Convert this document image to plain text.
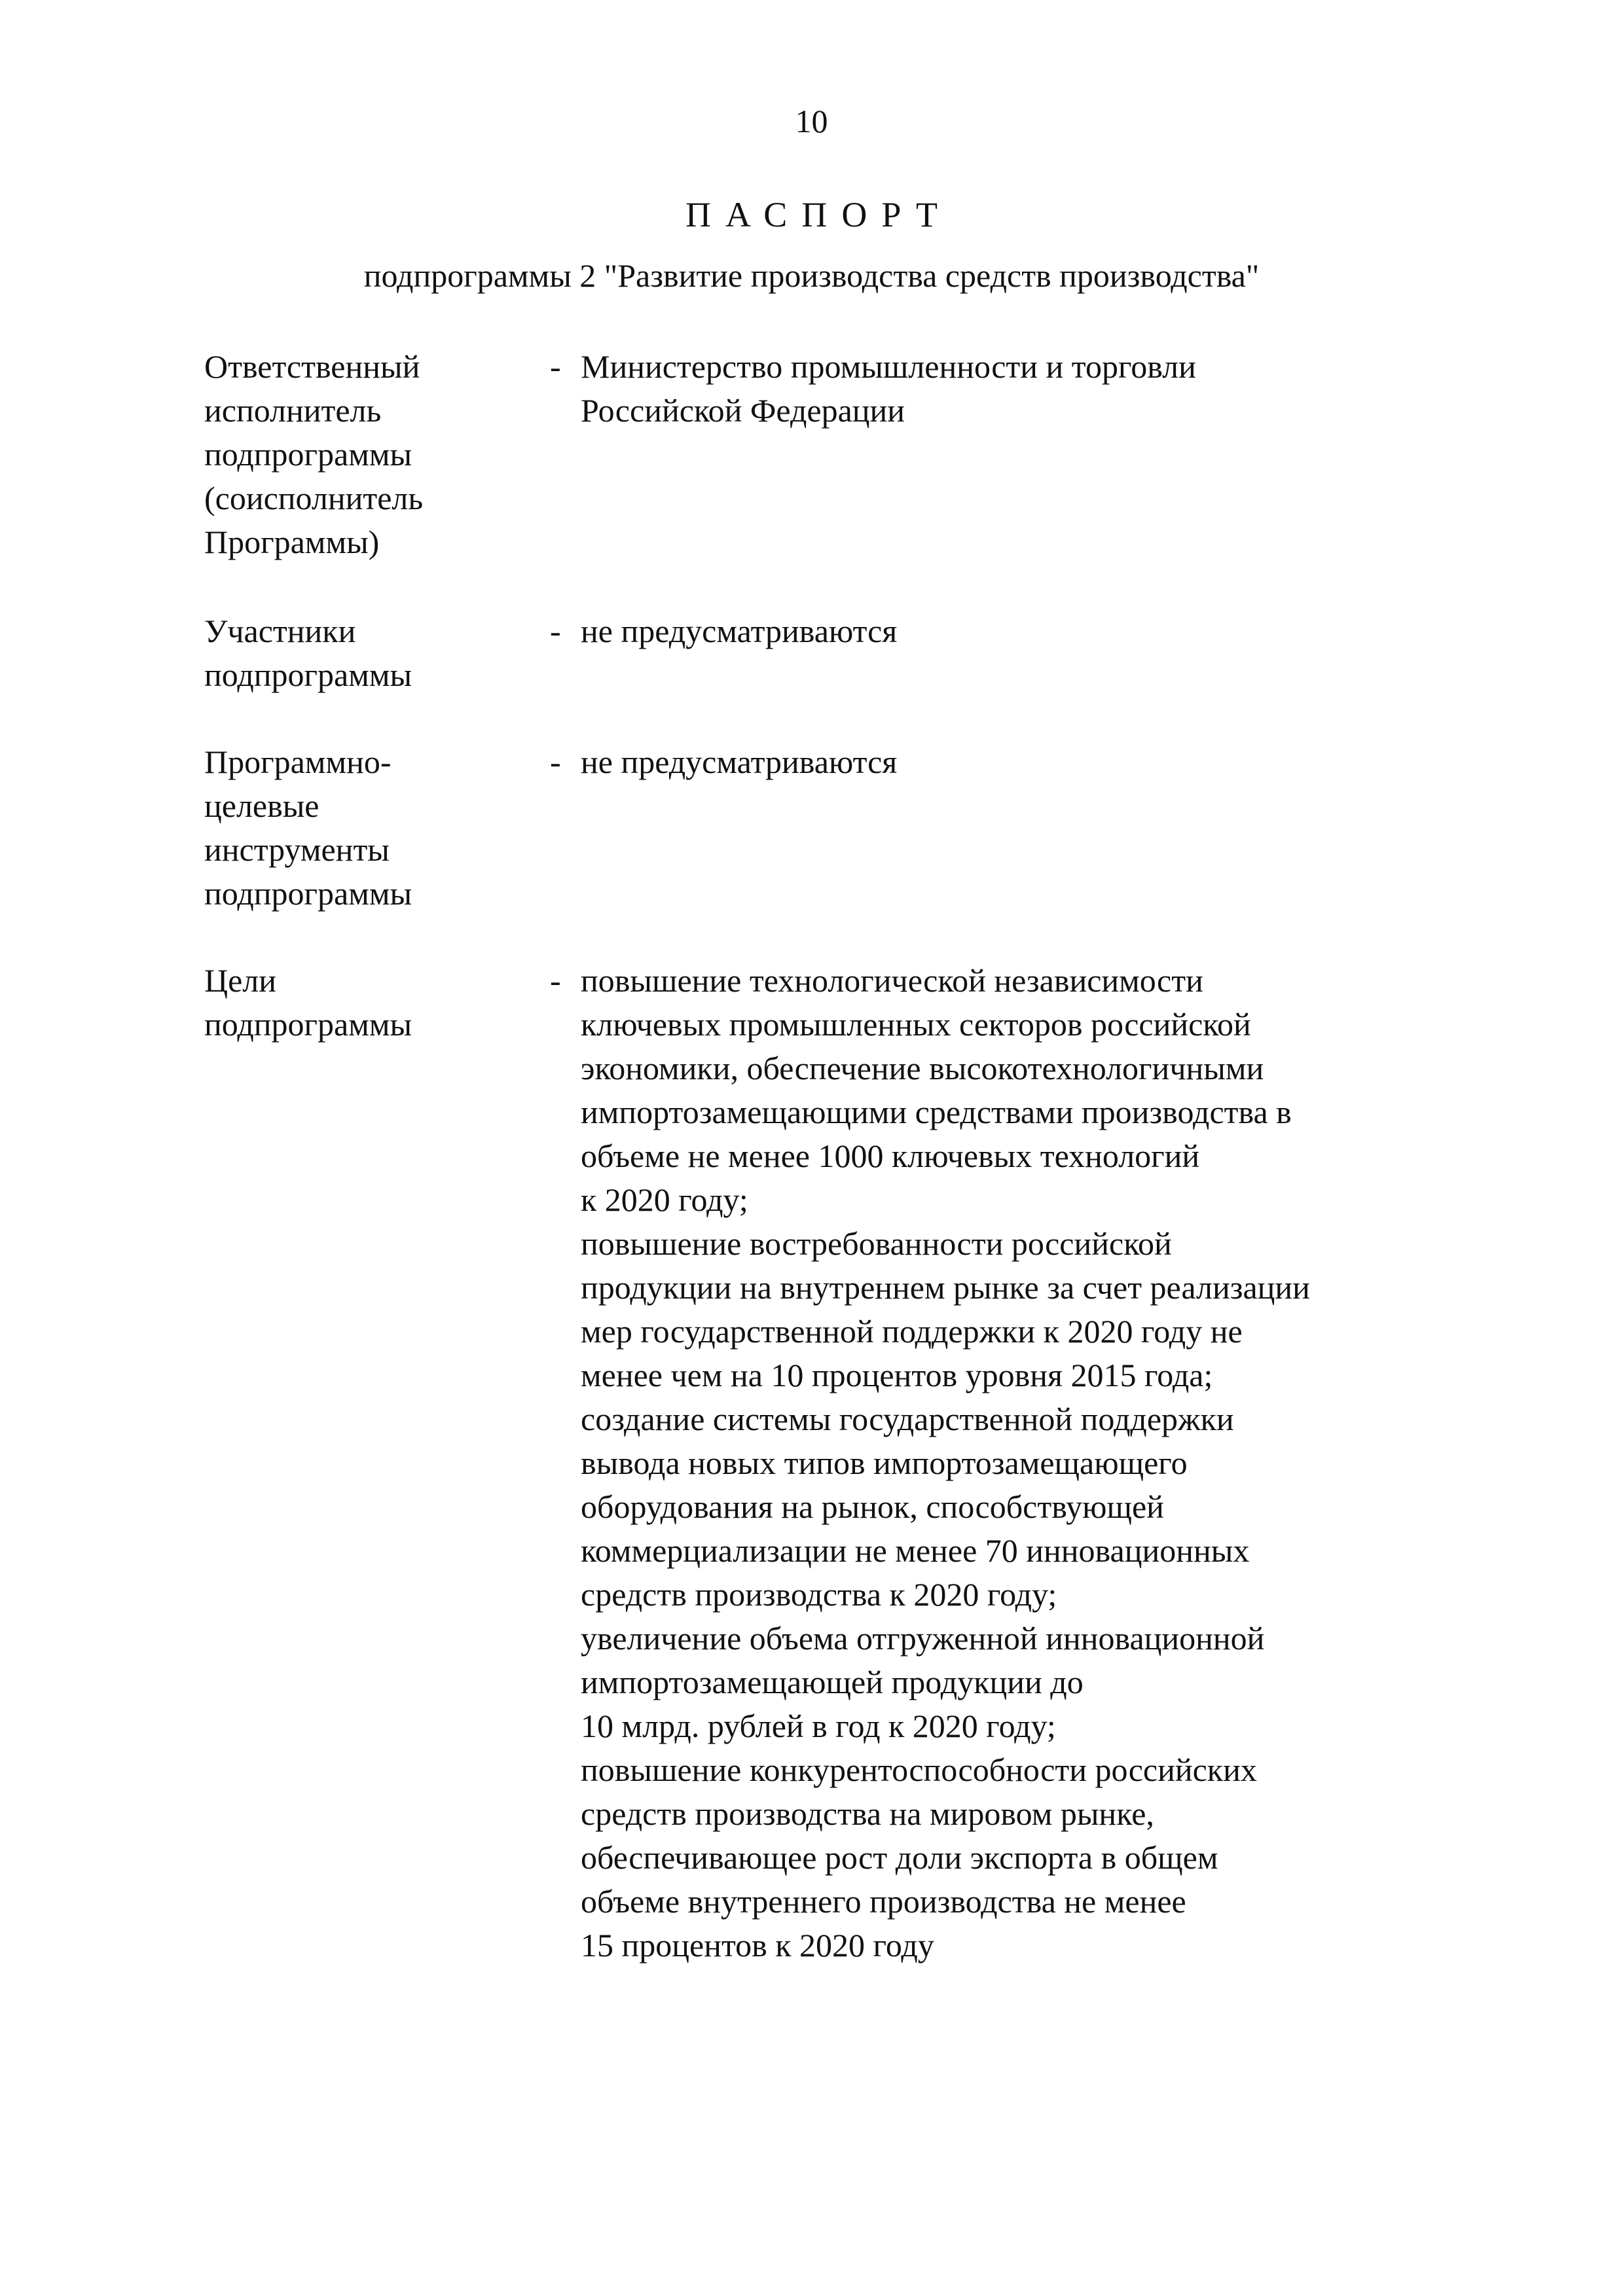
10
ПАСПОРТ
подпрограммы 2 "Развитие производства средств производства"
Ответственный
исполнитель
подпрограммы
(соисполнитель
Программы)
- Министерство промышленности и торговли
Российской Федерации
Участники
подпрограммы
- не предусматриваются
Программно-
целевые
инструменты
подпрограммы
- не предусматриваются
Цели
подпрограммы
- повышение технологической независимости
ключевых промышленных секторов российской
экономики, обеспечение высокотехнологичными
импортозамещающими средствами производства в
объеме не менее 1000 ключевых технологий
к 2020 году;
повышение востребованности российской
продукции на внутреннем рынке за счет реализации
мер государственной поддержки к 2020 году не
менее чем на 10 процентов уровня 2015 года;
создание системы государственной поддержки
вывода новых типов импортозамещающего
оборудования на рынок, способствующей
коммерциализации не менее 70 инновационных
средств производства к 2020 году;
увеличение объема отгруженной инновационной
импортозамещающей продукции до
10 млрд. рублей в год к 2020 году;
повышение конкурентоспособности российских
средств производства на мировом рынке,
обеспечивающее рост доли экспорта в общем
объеме внутреннего производства не менее
15 процентов к 2020 году
